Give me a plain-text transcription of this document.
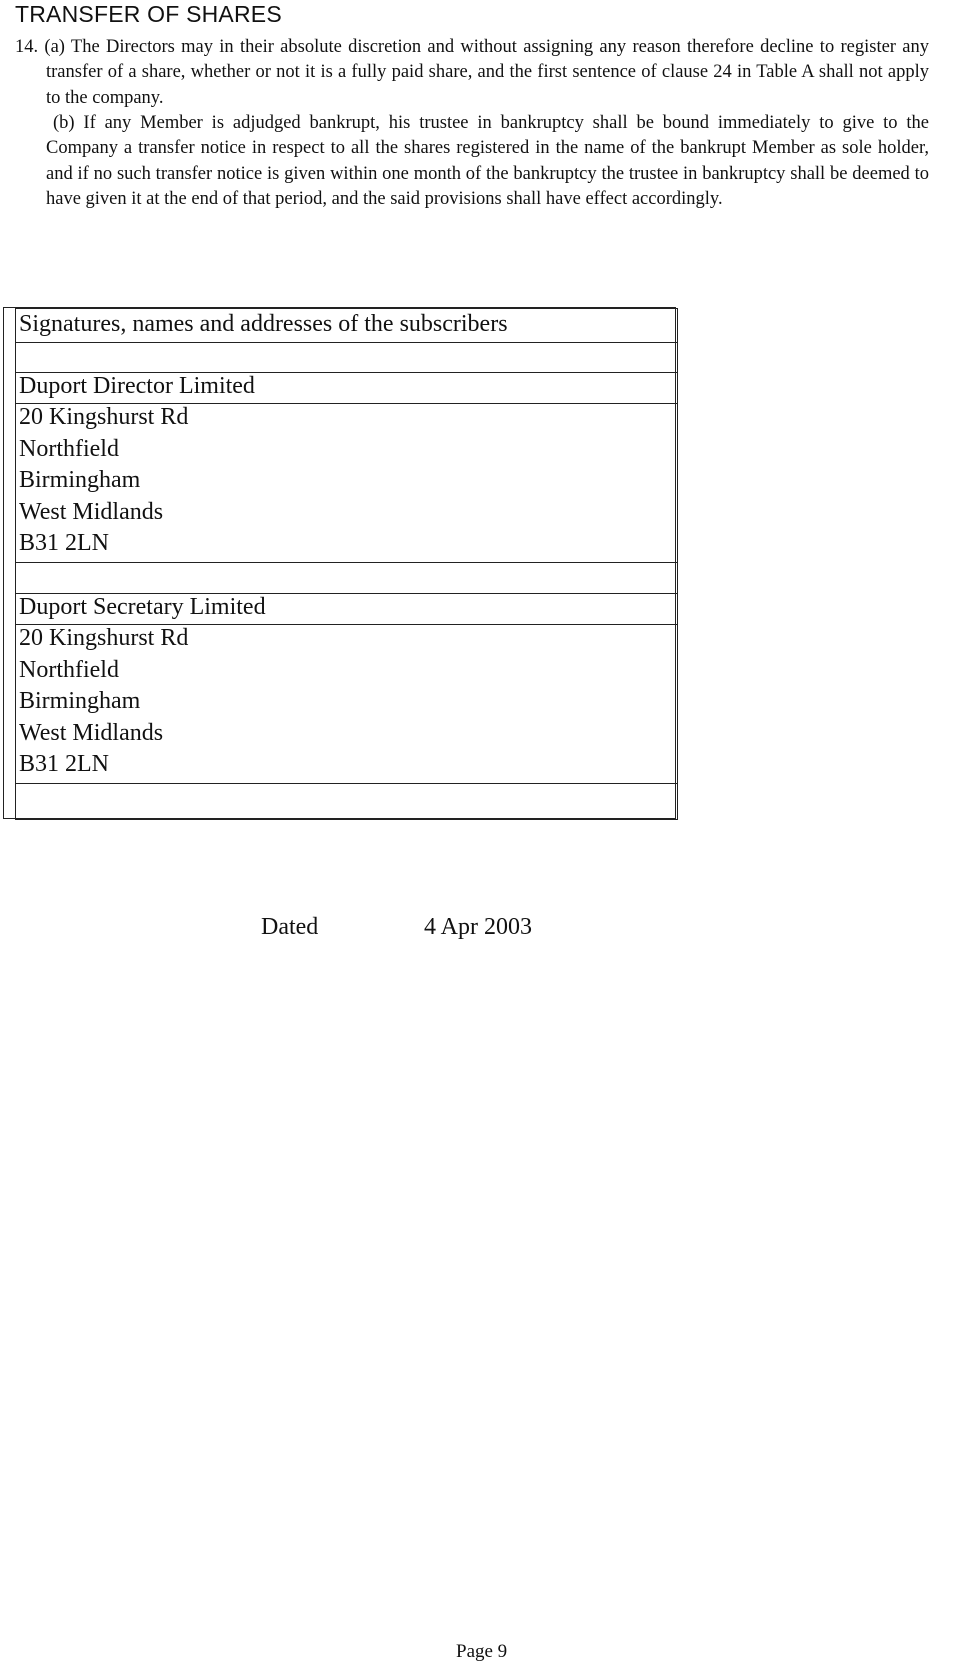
TRANSFER OF SHARES

14. (a) The Directors may in their absolute discretion and without assigning any reason therefore decline to register any transfer of a share, whether or not it is a fully paid share, and the first sentence of clause 24 in Table A shall not apply to the company.

(b) If any Member is adjudged bankrupt, his trustee in bankruptcy shall be bound immediately to give to the Company a transfer notice in respect to all the shares registered in the name of the bankrupt Member as sole holder, and if no such transfer notice is given within one month of the bankruptcy the trustee in bankruptcy shall be deemed to have given it at the end of that period, and the said provisions shall have effect accordingly.

Signatures, names and addresses of the subscribers
Duport Director Limited
20 Kingshurst Rd
Northfield
Birmingham
West Midlands
B31 2LN
Duport Secretary Limited
20 Kingshurst Rd
Northfield
Birmingham
West Midlands
B31 2LN
Dated	4 Apr 2003
Page 9
